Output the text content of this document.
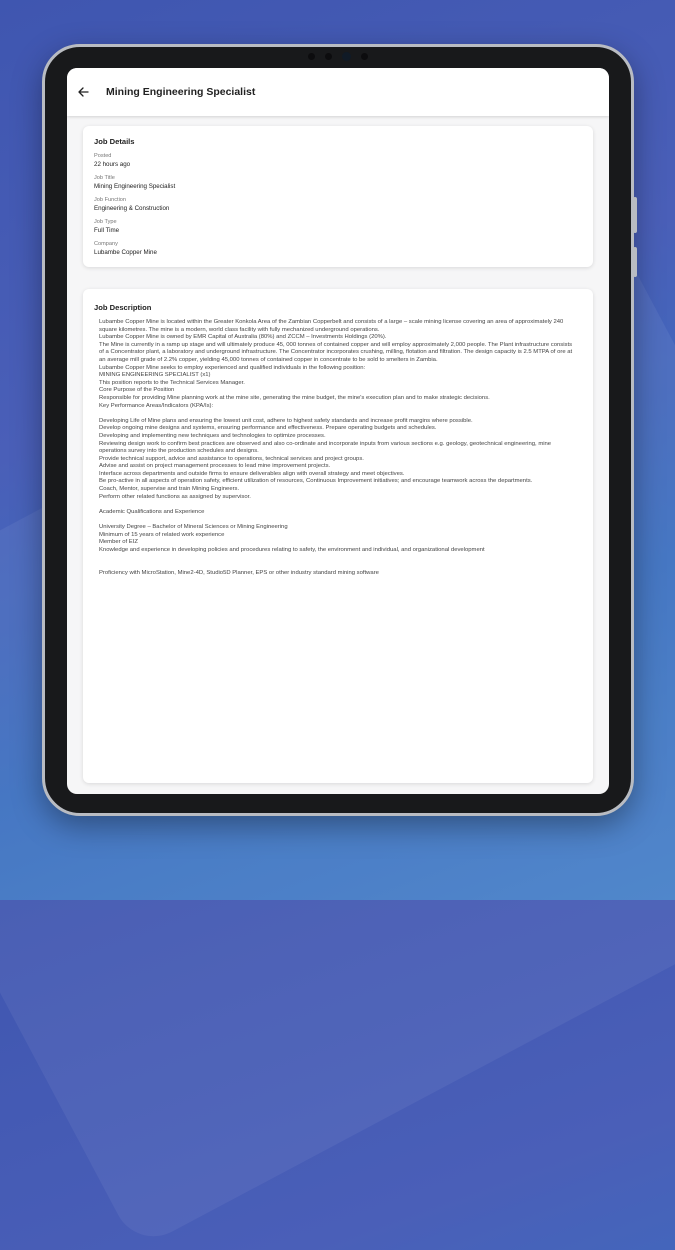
Mining Engineering Specialist
Job Details
Posted
22 hours ago
Job Title
Mining Engineering Specialist
Job Function
Engineering & Construction
Job Type
Full Time
Company
Lubambe Copper Mine
Job Description
Lubambe Copper Mine is located within the Greater Konkola Area of the Zambian Copperbelt and consists of a large – scale mining license covering an area of approximately 240 square kilometres. The mine is a modern, world class facility with fully mechanized underground operations.
Lubambe Copper Mine is owned by EMR Capital of Australia (80%) and ZCCM – Investments Holdings (20%).
The Mine is currently in a ramp up stage and will ultimately produce 45, 000 tonnes of contained copper and will employ approximately 2,000 people. The Plant infrastructure consists of a Concentrator plant, a laboratory and underground infrastructure. The Concentrator incorporates crushing, milling, flotation and filtration. The design capacity is 2.5 MTPA of ore at an average mill grade of 2.2% copper, yielding 45,000 tonnes of contained copper in concentrate to be sold to smelters in Zambia.
Lubambe Copper Mine seeks to employ experienced and qualified individuals in the following position:
MINING ENGINEERING SPECIALIST (x1)
This position reports to the Technical Services Manager.
Core Purpose of the Position
Responsible for providing Mine planning work at the mine site, generating the mine budget, the mine's execution plan and to make strategic decisions.
Key Performance Areas/Indicators (KPA/Is):
Developing Life of Mine plans and ensuring the lowest unit cost, adhere to highest safety standards and increase profit margins where possible.
Develop ongoing mine designs and systems, ensuring performance and effectiveness. Prepare operating budgets and schedules.
Developing and implementing new techniques and technologies to optimize processes.
Reviewing design work to confirm best practices are observed and also co-ordinate and incorporate inputs from various sections e.g. geology, geotechnical engineering, mine operations survey into the production schedules and designs.
Provide technical support, advice and assistance to operations, technical services and project groups.
Advise and assist on project management processes to lead mine improvement projects.
Interface across departments and outside firms to ensure deliverables align with overall strategy and meet objectives.
Be pro-active in all aspects of operation safety, efficient utilization of resources, Continuous Improvement initiatives; and encourage teamwork across the departments.
Coach, Mentor, supervise and train Mining Engineers.
Perform other related functions as assigned by supervisor.
Academic Qualifications and Experience
University Degree – Bachelor of Mineral Sciences or Mining Engineering
Minimum of 15 years of related work experience
Member of EIZ
Knowledge and experience in developing policies and procedures relating to safety, the environment and individual, and organizational development
Proficiency with MicroStation, Mine2-4D, Studio5D Planner, EPS or other industry standard mining software
